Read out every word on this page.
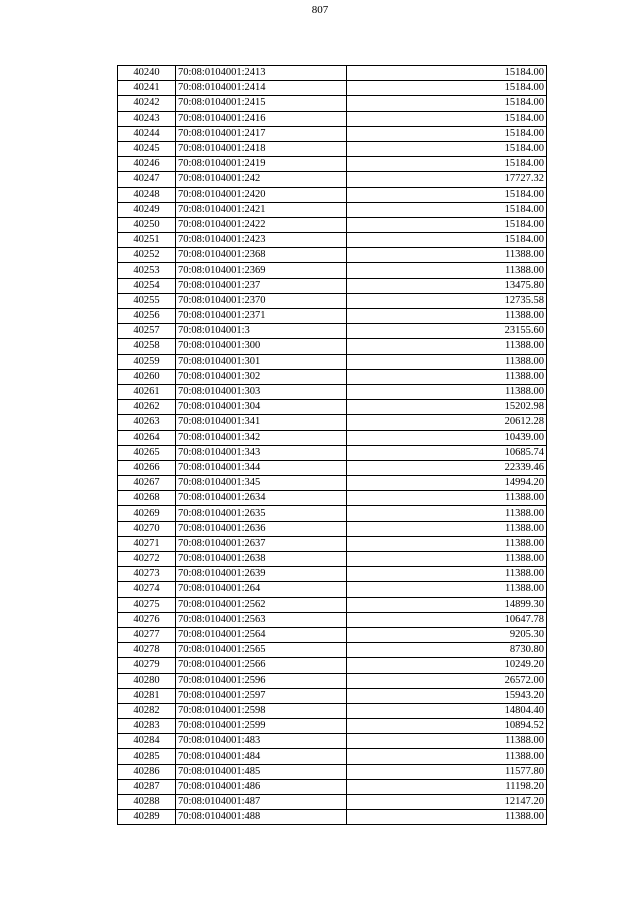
807
40240	70:08:0104001:2413	15184.00
40241	70:08:0104001:2414	15184.00
40242	70:08:0104001:2415	15184.00
40243	70:08:0104001:2416	15184.00
40244	70:08:0104001:2417	15184.00
40245	70:08:0104001:2418	15184.00
40246	70:08:0104001:2419	15184.00
40247	70:08:0104001:242	17727.32
40248	70:08:0104001:2420	15184.00
40249	70:08:0104001:2421	15184.00
40250	70:08:0104001:2422	15184.00
40251	70:08:0104001:2423	15184.00
40252	70:08:0104001:2368	11388.00
40253	70:08:0104001:2369	11388.00
40254	70:08:0104001:237	13475.80
40255	70:08:0104001:2370	12735.58
40256	70:08:0104001:2371	11388.00
40257	70:08:0104001:3	23155.60
40258	70:08:0104001:300	11388.00
40259	70:08:0104001:301	11388.00
40260	70:08:0104001:302	11388.00
40261	70:08:0104001:303	11388.00
40262	70:08:0104001:304	15202.98
40263	70:08:0104001:341	20612.28
40264	70:08:0104001:342	10439.00
40265	70:08:0104001:343	10685.74
40266	70:08:0104001:344	22339.46
40267	70:08:0104001:345	14994.20
40268	70:08:0104001:2634	11388.00
40269	70:08:0104001:2635	11388.00
40270	70:08:0104001:2636	11388.00
40271	70:08:0104001:2637	11388.00
40272	70:08:0104001:2638	11388.00
40273	70:08:0104001:2639	11388.00
40274	70:08:0104001:264	11388.00
40275	70:08:0104001:2562	14899.30
40276	70:08:0104001:2563	10647.78
40277	70:08:0104001:2564	9205.30
40278	70:08:0104001:2565	8730.80
40279	70:08:0104001:2566	10249.20
40280	70:08:0104001:2596	26572.00
40281	70:08:0104001:2597	15943.20
40282	70:08:0104001:2598	14804.40
40283	70:08:0104001:2599	10894.52
40284	70:08:0104001:483	11388.00
40285	70:08:0104001:484	11388.00
40286	70:08:0104001:485	11577.80
40287	70:08:0104001:486	11198.20
40288	70:08:0104001:487	12147.20
40289	70:08:0104001:488	11388.00
